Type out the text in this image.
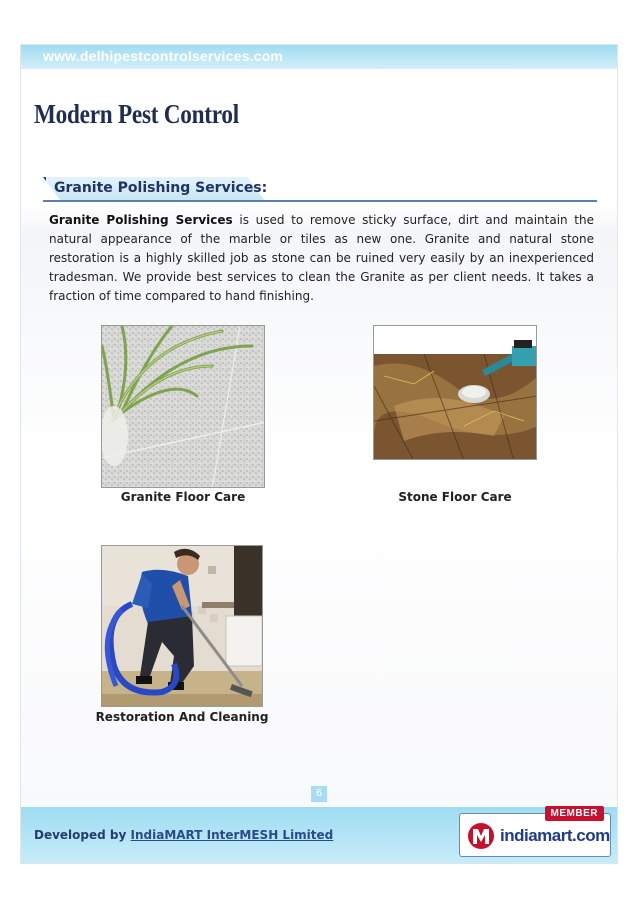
www.delhipestcontrolservices.com
Modern Pest Control
Granite Polishing Services:

Granite Polishing Services is used to remove sticky surface, dirt and maintain the natural appearance of the marble or tiles as new one. Granite and natural stone restoration is a highly skilled job as stone can be ruined very easily by an inexperienced tradesman. We provide best services to clean the Granite as per client needs. It takes a fraction of time compared to hand finishing.

Granite Floor Care	Stone Floor Care
Restoration And Cleaning
6
Developed by IndiaMART InterMESH Limited
MEMBER
indiamart.com
